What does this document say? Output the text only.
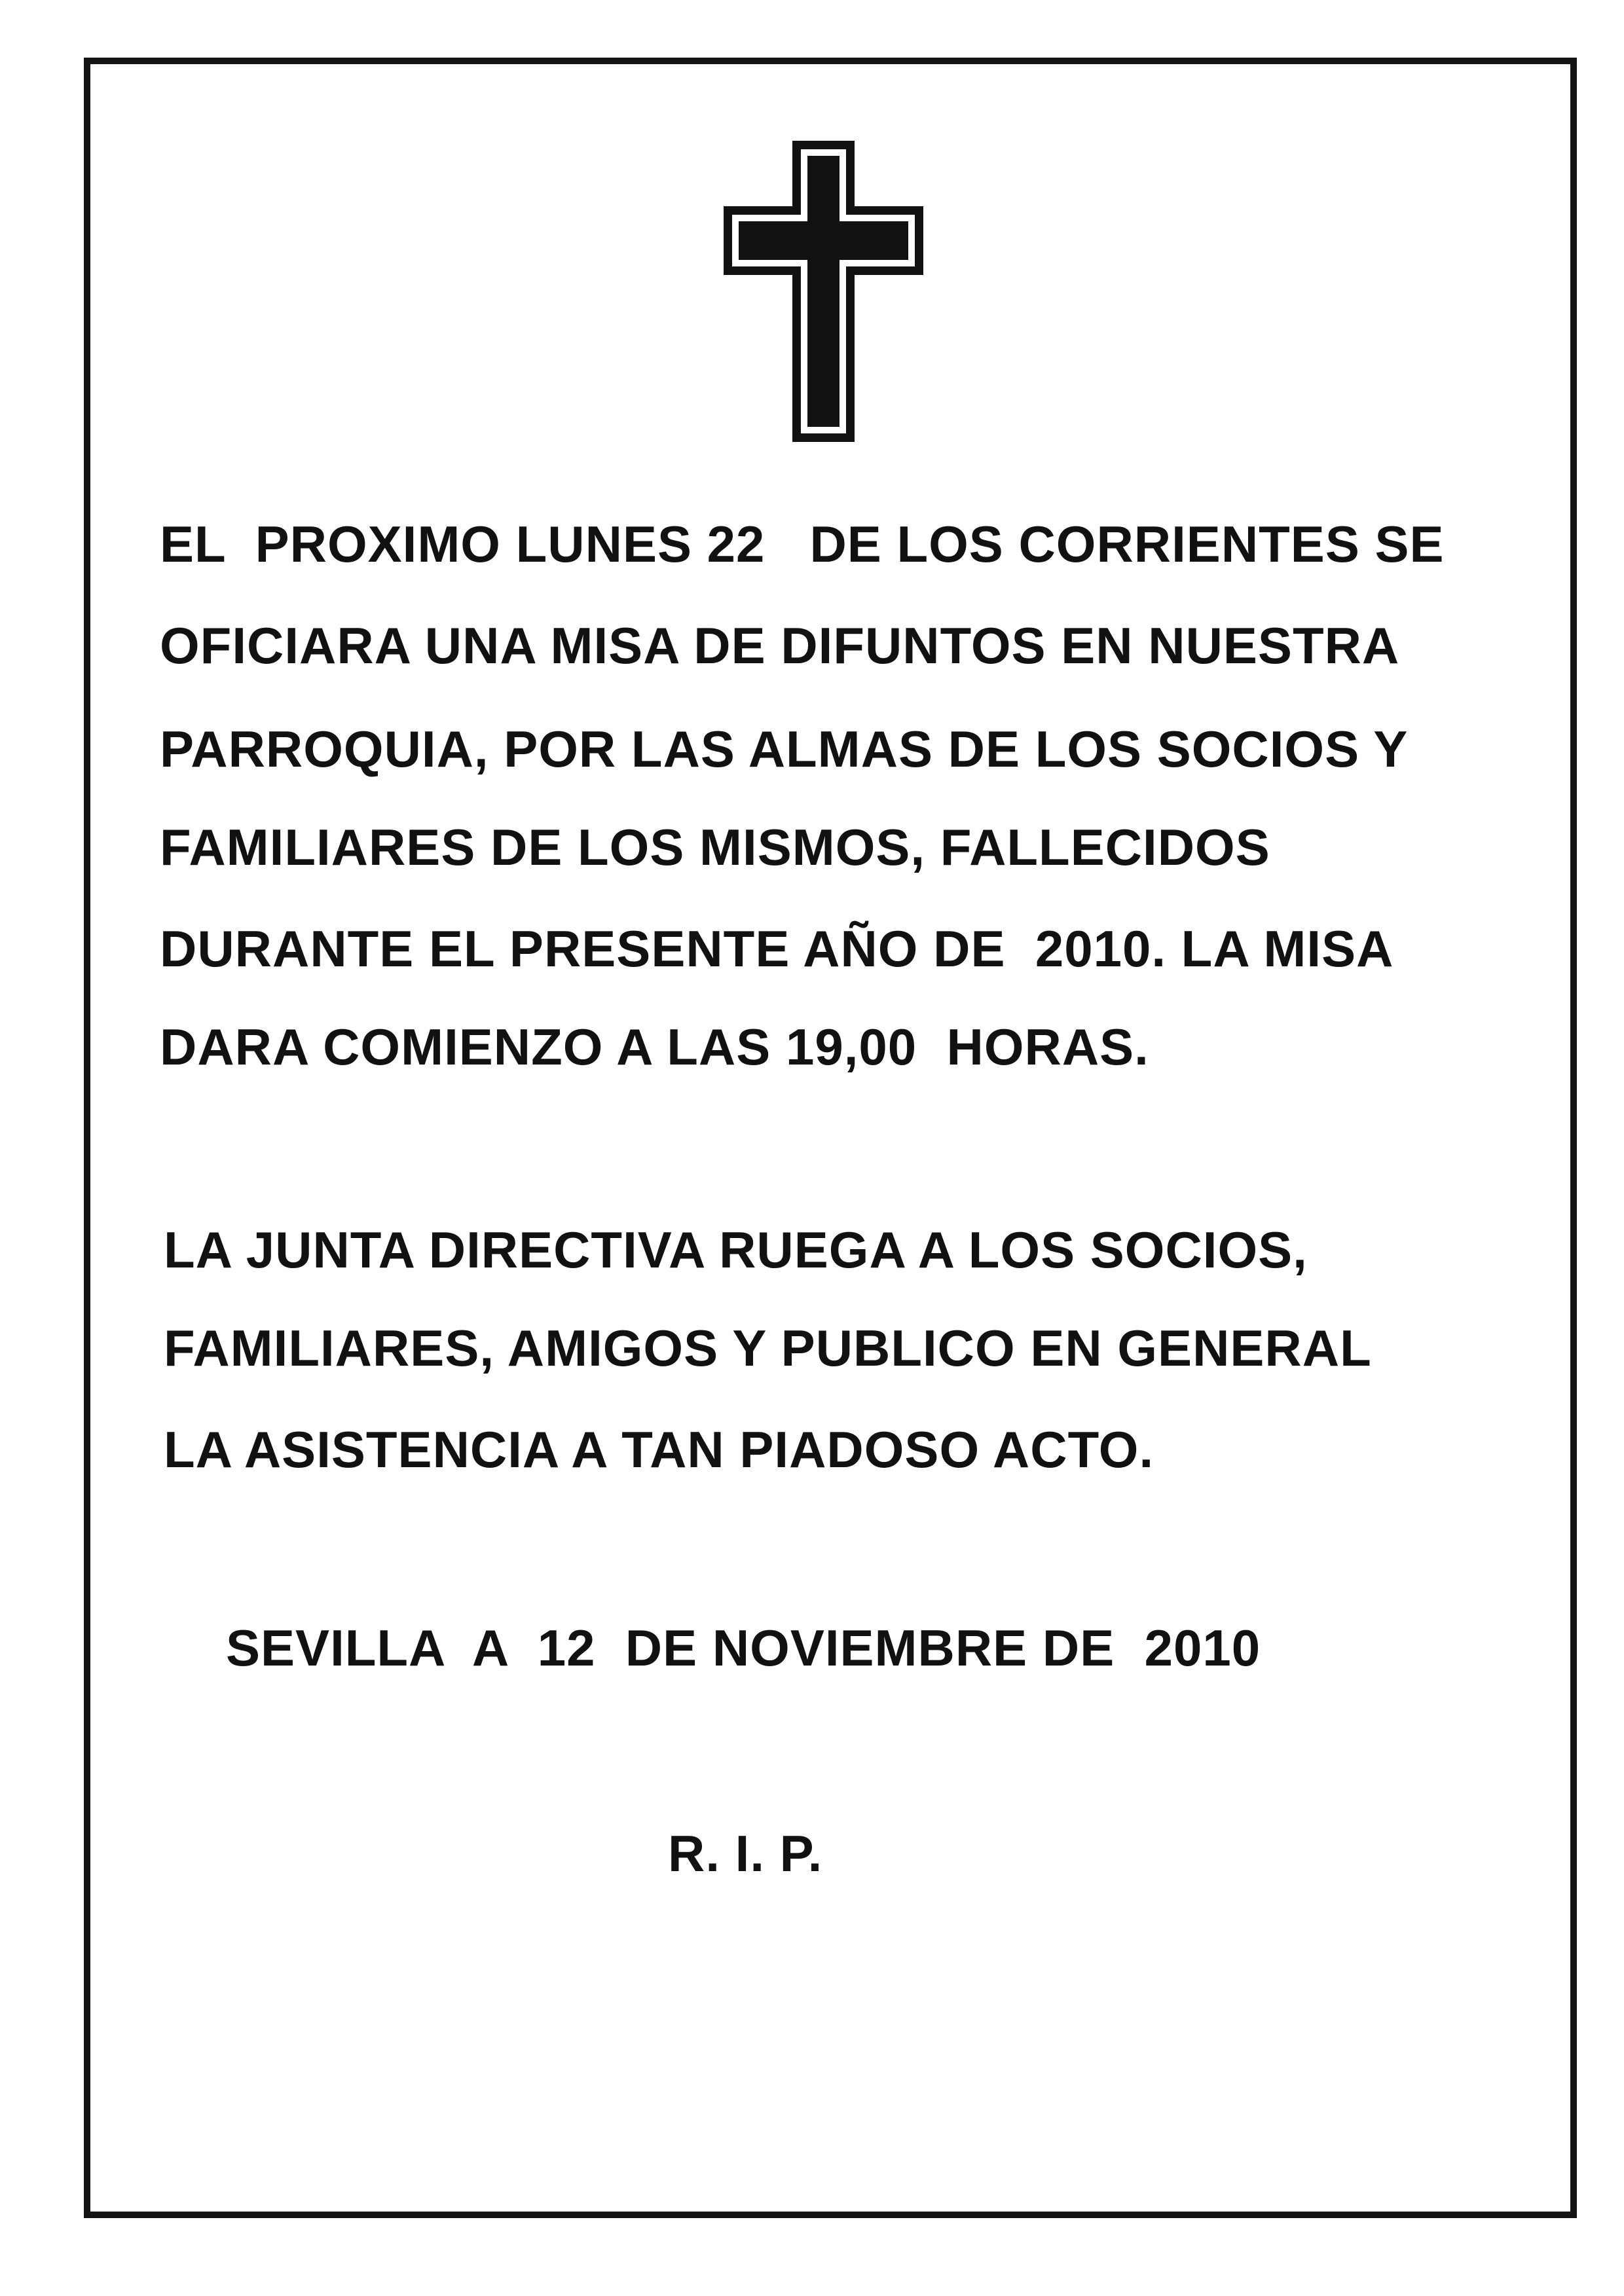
EL  PROXIMO LUNES 22   DE LOS CORRIENTES SE

OFICIARA UNA MISA DE DIFUNTOS EN NUESTRA

PARROQUIA, POR LAS ALMAS DE LOS SOCIOS Y

FAMILIARES DE LOS MISMOS, FALLECIDOS

DURANTE EL PRESENTE AÑO DE  2010. LA MISA

DARA COMIENZO A LAS 19,00  HORAS.

LA JUNTA DIRECTIVA RUEGA A LOS SOCIOS,

FAMILIARES, AMIGOS Y PUBLICO EN GENERAL

LA ASISTENCIA A TAN PIADOSO ACTO.

SEVILLA  A  12  DE NOVIEMBRE DE  2010

R. I. P.
